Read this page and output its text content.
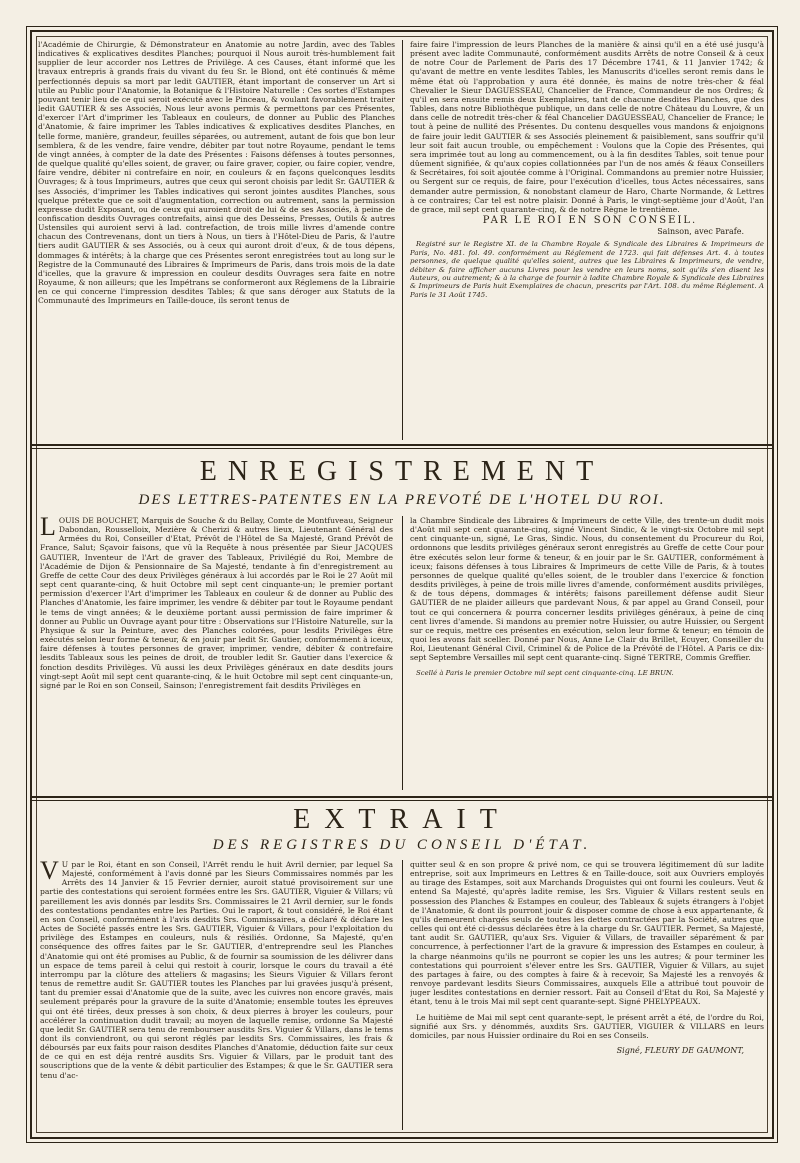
l'Académie de Chirurgie, & Démonstrateur en Anatomie au notre Jardin, avec des Tables indicatives & explicatives desdites Planches; pourquoi il Nous auroit très-humblement fait supplier de leur accorder nos Lettres de Privilège. A ces Causes, étant informé que les travaux entrepris à grands frais du vivant du feu Sr. le Blond, ont été continués & même perfectionnés depuis sa mort par ledit GAUTIER, étant important de conserver un Art si utile au Public pour l'Anatomie, la Botanique & l'Histoire Naturelle : Ces sortes d'Estampes pouvant tenir lieu de ce qui seroit exécuté avec le Pinceau, & voulant favorablement traiter ledit GAUTIER & ses Associés, Nous leur avons permis & permettons par ces Présentes, d'exercer l'Art d'imprimer les Tableaux en couleurs, de donner au Public des Planches d'Anatomie, & faire imprimer les Tables indicatives & explicatives desdites Planches, en telle forme, manière, grandeur, feuilles séparées, ou autrement, autant de fois que bon leur semblera, & de les vendre, faire vendre, débiter par tout notre Royaume, pendant le tems de vingt années, à compter de la date des Présentes : Faisons défenses à toutes personnes, de quelque qualité qu'elles soient, de graver, ou faire graver, copier, ou faire copier, vendre, faire vendre, débiter ni contrefaire en noir, en couleurs & en façons quelconques lesdits Ouvrages; & à tous Imprimeurs, autres que ceux qui seront choisis par ledit Sr. GAUTIER & ses Associés, d'imprimer les Tables indicatives qui seront jointes ausdites Planches, sous quelque prétexte que ce soit d'augmentation, correction ou autrement, sans la permission expresse dudit Exposant, ou de ceux qui auroient droit de lui & de ses Associés, à peine de confiscation desdits Ouvrages contrefaits, ainsi que des Desseins, Presses, Outils & autres Ustensiles qui auroient servi à lad. contrefaction, de trois mille livres d'amende contre chacun des Contrevenans, dont un tiers à Nous, un tiers à l'Hôtel-Dieu de Paris, & l'autre tiers audit GAUTIER & ses Associés, ou à ceux qui auront droit d'eux, & de tous dépens, dommages & intérêts; à la charge que ces Présentes seront enregistrées tout au long sur le Registre de la Communauté des Libraires & Imprimeurs de Paris, dans trois mois de la date d'icelles, que la gravure & impression en couleur desdits Ouvrages sera faite en notre Royaume, & non ailleurs; que les Impétrans se conformeront aux Réglemens de la Librairie en ce qui concerne l'impression desdites Tables; & que sans déroger aux Statuts de la Communauté des Imprimeurs en Taille-douce, ils seront tenus de

faire faire l'impression de leurs Planches de la manière & ainsi qu'il en a été usé jusqu'à présent avec ladite Communauté, conformément ausdits Arrêts de notre Conseil & à ceux de notre Cour de Parlement de Paris des 17 Décembre 1741, & 11 Janvier 1742; & qu'avant de mettre en vente lesdites Tables, les Manuscrits d'icelles seront remis dans le même état où l'approbation y aura été donnée, ès mains de notre très-cher & féal Chevalier le Sieur DAGUESSEAU, Chancelier de France, Commandeur de nos Ordres; & qu'il en sera ensuite remis deux Exemplaires, tant de chacune desdites Planches, que des Tables, dans notre Bibliothèque publique, un dans celle de notre Château du Louvre, & un dans celle de notredit très-cher & féal Chancelier DAGUESSEAU, Chancelier de France; le tout à peine de nullité des Présentes. Du contenu desquelles vous mandons & enjoignons de faire jouir ledit GAUTIER & ses Associés pleinement & paisiblement, sans souffrir qu'il leur soit fait aucun trouble, ou empêchement : Voulons que la Copie des Présentes, qui sera imprimée tout au long au commencement, ou à la fin desdites Tables, soit tenue pour dûement signifiée, & qu'aux copies collationnées par l'un de nos amés & féaux Conseillers & Secrétaires, foi soit ajoutée comme à l'Original. Commandons au premier notre Huissier, ou Sergent sur ce requis, de faire, pour l'exécution d'icelles, tous Actes nécessaires, sans demander autre permission, & nonobstant clameur de Haro, Charte Normande, & Lettres à ce contraires; Car tel est notre plaisir. Donné à Paris, le vingt-septième jour d'Août, l'an de grace, mil sept cent quarante-cinq, & de notre Règne le trentième.

PAR LE ROI EN SON CONSEIL.

Sainson, avec Parafe.

Registré sur le Registre XI. de la Chambre Royale & Syndicale des Libraires & Imprimeurs de Paris, No. 481. fol. 49. conformément au Réglement de 1723. qui fait défenses Art. 4. à toutes personnes, de quelque qualité qu'elles soient, autres que les Libraires & Imprimeurs, de vendre, débiter & faire afficher aucuns Livres pour les vendre en leurs noms, soit qu'ils s'en disent les Auteurs, ou autrement; & à la charge de fournir à ladite Chambre Royale & Syndicale des Libraires & Imprimeurs de Paris huit Exemplaires de chacun, prescrits par l'Art. 108. du même Réglement. A Paris le 31 Août 1745.

ENREGISTREMENT
DES LETTRES-PATENTES EN LA PREVOTÉ DE L'HOTEL DU ROI.
L OUIS DE BOUCHET, Marquis de Souche & du Bellay, Comte de Montfuveau, Seigneur Dabondan, Rousselloix, Mezière & Cherizi & autres lieux, Lieutenant Général des Armées du Roi, Conseiller d'Etat, Prévôt de l'Hôtel de Sa Majesté, Grand Prévôt de France, Salut; Sçavoir faisons, que vû la Requête à nous présentée par Sieur JACQUES GAUTIER, Inventeur de l'Art de graver des Tableaux, Privilégié du Roi, Membre de l'Académie de Dijon & Pensionnaire de Sa Majesté, tendante à fin d'enregistrement au Greffe de cette Cour des deux Privilèges généraux à lui accordés par le Roi le 27 Août mil sept cent quarante-cinq, & huit Octobre mil sept cent cinquante-un; le premier portant permission d'exercer l'Art d'imprimer les Tableaux en couleur & de donner au Public des Planches d'Anatomie, les faire imprimer, les vendre & débiter par tout le Royaume pendant le tems de vingt années; & le deuxième portant aussi permission de faire imprimer & donner au Public un Ouvrage ayant pour titre : Observations sur l'Histoire Naturelle, sur la Physique & sur la Peinture, avec des Planches colorées, pour lesdits Privilèges être exécutés selon leur forme & teneur, & en jouir par ledit Sr. Gautier, conformément à iceux, faire défenses à toutes personnes de graver, imprimer, vendre, débiter & contrefaire lesdits Tableaux sous les peines de droit, de troubler ledit Sr. Gautier dans l'exercice & fonction desdits Privilèges. Vû aussi les deux Privilèges généraux en date desdits jours vingt-sept Août mil sept cent quarante-cinq, & le huit Octobre mil sept cent cinquante-un, signé par le Roi en son Conseil, Sainson; l'enregistrement fait desdits Privilèges en

la Chambre Sindicale des Libraires & Imprimeurs de cette Ville, des trente-un dudit mois d'Août mil sept cent quarante-cinq, signé Vincent Sindic, & le vingt-six Octobre mil sept cent cinquante-un, signé, Le Gras, Sindic. Nous, du consentement du Procureur du Roi, ordonnons que lesdits privilèges généraux seront enregistrés au Greffe de cette Cour pour être exécutés selon leur forme & teneur, & en jouir par le Sr. GAUTIER, conformément à iceux; faisons défenses à tous Libraires & Imprimeurs de cette Ville de Paris, & à toutes personnes de quelque qualité qu'elles soient, de le troubler dans l'exercice & fonction desdits privilèges, à peine de trois mille livres d'amende, conformément ausdits privilèges, & de tous dépens, dommages & intérêts; faisons pareillement défense audit Sieur GAUTIER de ne plaider ailleurs que pardevant Nous, & par appel au Grand Conseil, pour tout ce qui concernera & pourra concerner lesdits privilèges généraux, à peine de cinq cent livres d'amende. Si mandons au premier notre Huissier, ou autre Huissier, ou Sergent sur ce requis, mettre ces présentes en exécution, selon leur forme & teneur; en témoin de quoi les avons fait sceller. Donné par Nous, Anne Le Clair du Brillet, Ecuyer, Conseiller du Roi, Lieutenant Général Civil, Criminel & de Police de la Prévôté de l'Hôtel. A Paris ce dix-sept Septembre Versailles mil sept cent quarante-cinq. Signé TERTRE, Commis Greffier.

Scellé à Paris le premier Octobre mil sept cent cinquante-cinq. LE BRUN.

EXTRAIT
DES REGISTRES DU CONSEIL D'ÉTAT.
V U par le Roi, étant en son Conseil, l'Arrêt rendu le huit Avril dernier, par lequel Sa Majesté, conformément à l'avis donné par les Sieurs Commissaires nommés par les Arrêts des 14 Janvier & 15 Fevrier dernier, auroit statué provisoirement sur une partie des contestations qui seroient formées entre les Srs. GAUTIER, Viguier & Villars; vû pareillement les avis donnés par lesdits Srs. Commissaires le 21 Avril dernier, sur le fonds des contestations pendantes entre les Parties. Oui le raport, & tout considéré, le Roi étant en son Conseil, conformément à l'avis desdits Srs. Commissaires, a déclaré & déclare les Actes de Société passés entre les Srs. GAUTIER, Viguier & Villars, pour l'exploitation du privilège des Estampes en couleurs, nuls & résiliés. Ordonne, Sa Majesté, qu'en conséquence des offres faites par le Sr. GAUTIER, d'entreprendre seul les Planches d'Anatomie qui ont été promises au Public, & de fournir sa soumission de les délivrer dans un espace de tems pareil à celui qui restoit à courir, lorsque le cours du travail a été interrompu par la clôture des atteliers & magasins; les Sieurs Viguier & Villars feront tenus de remettre audit Sr. GAUTIER toutes les Planches par lui gravées jusqu'à présent, tant du premier essai d'Anatomie que de la suite, avec les cuivres non encore gravés, mais seulement préparés pour la gravure de la suite d'Anatomie; ensemble toutes les épreuves qui ont été tirées, deux presses à son choix, & deux pierres à broyer les couleurs, pour accélérer la continuation dudit travail; au moyen de laquelle remise, ordonne Sa Majesté que ledit Sr. GAUTIER sera tenu de rembourser ausdits Srs. Viguier & Villars, dans le tems dont ils conviendront, ou qui seront réglés par lesdits Srs. Commissaires, les frais & déboursés par eux faits pour raison desdites Planches d'Anatomie, déduction faite sur ceux de ce qui en est déja rentré ausdits Srs. Viguier & Villars, par le produit tant des souscriptions que de la vente & débit particulier des Estampes; & que le Sr. GAUTIER sera tenu d'ac-

quitter seul & en son propre & privé nom, ce qui se trouvera légitimement dû sur ladite entreprise, soit aux Imprimeurs en Lettres & en Taille-douce, soit aux Ouvriers employés au tirage des Estampes, soit aux Marchands Droguistes qui ont fourni les couleurs. Veut & entend Sa Majesté, qu'après ladite remise, les Srs. Viguier & Villars restent seuls en possession des Planches & Estampes en couleur, des Tableaux & sujets étrangers à l'objet de l'Anatomie, & dont ils pourront jouir & disposer comme de chose à eux appartenante, & qu'ils demeurent chargés seuls de toutes les dettes contractées par la Société, autres que celles qui ont été ci-dessus déclarées être à la charge du Sr. GAUTIER. Permet, Sa Majesté, tant audit Sr. GAUTIER, qu'aux Srs. Viguier & Villars, de travailler séparément & par concurrence, à perfectionner l'art de la gravure & impression des Estampes en couleur, à la charge néanmoins qu'ils ne pourront se copier les uns les autres; & pour terminer les contestations qui pourroient s'élever entre les Srs. GAUTIER, Viguier & Villars, au sujet des partages à faire, ou des comptes à faire & à recevoir, Sa Majesté les a renvoyés & renvoye pardevant lesdits Sieurs Commissaires, auxquels Elle a attribué tout pouvoir de juger lesdites contestations en dernier ressort. Fait au Conseil d'Etat du Roi, Sa Majesté y étant, tenu à le trois Mai mil sept cent quarante-sept. Signé PHELYPEAUX.

Le huitième de Mai mil sept cent quarante-sept, le présent arrêt a été, de l'ordre du Roi, signifié aux Srs. y dénommés, auxdits Srs. GAUTIER, VIGUIER & VILLARS en leurs domiciles, par nous Huissier ordinaire du Roi en ses Conseils.

Signé, FLEURY DE GAUMONT,
